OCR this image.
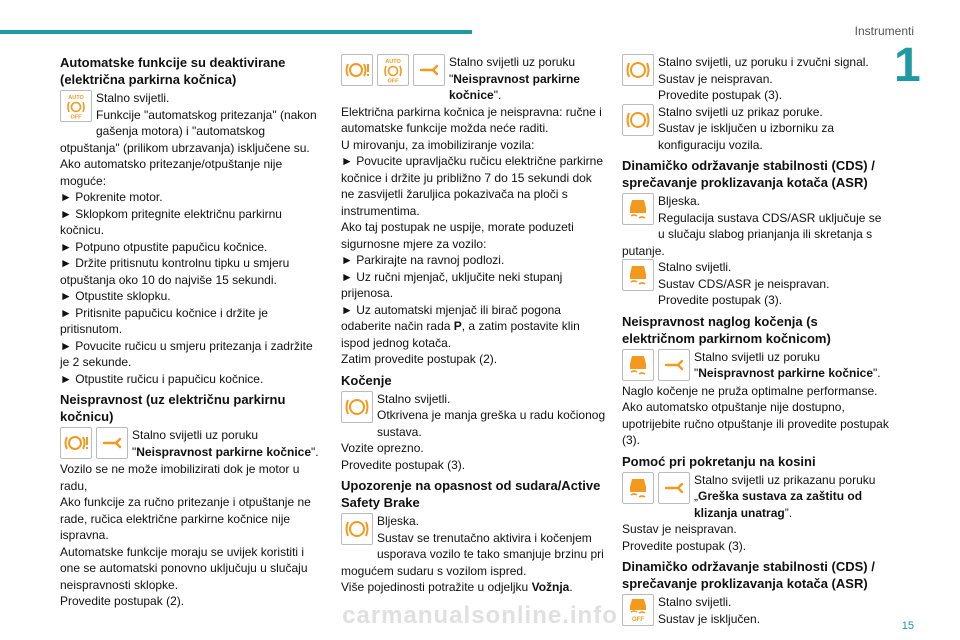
Instrumenti
1
Automatske funkcije su deaktivirane (električna parkirna kočnica)

Stalno svijetli.

Funkcije "automatskog pritezanja" (nakon gašenja motora) i "automatskog otpuštanja" (prilikom ubrzavanja) isključene su.

Ako automatsko pritezanje/otpuštanje nije moguće:

► Pokrenite motor.

► Sklopkom pritegnite električnu parkirnu kočnicu.

► Potpuno otpustite papučicu kočnice.

► Držite pritisnutu kontrolnu tipku u smjeru otpuštanja oko 10 do najviše 15 sekundi.

► Otpustite sklopku.

► Pritisnite papučicu kočnice i držite je pritisnutom.

► Povucite ručicu u smjeru pritezanja i zadržite je 2 sekunde.

► Otpustite ručicu i papučicu kočnice.

Neispravnost (uz električnu parkirnu kočnicu)

Stalno svijetli uz poruku "Neispravnost parkirne kočnice".

Vozilo se ne može imobilizirati dok je motor u radu,

Ako funkcije za ručno pritezanje i otpuštanje ne rade, ručica električne parkirne kočnice nije ispravna.

Automatske funkcije moraju se uvijek koristiti i one se automatski ponovno uključuju u slučaju neispravnosti sklopke.

Provedite postupak (2).

Stalno svijetli uz poruku "Neispravnost parkirne kočnice".

Električna parkirna kočnica je neispravna: ručne i automatske funkcije možda neće raditi.

U mirovanju, za imobiliziranje vozila:

► Povucite upravljačku ručicu električne parkirne kočnice i držite ju približno 7 do 15 sekundi dok ne zasvijetli žaruljica pokazivača na ploči s instrumentima.

Ako taj postupak ne uspije, morate poduzeti sigurnosne mjere za vozilo:

► Parkirajte na ravnoj podlozi.

► Uz ručni mjenjač, uključite neki stupanj prijenosa.

► Uz automatski mjenjač ili birač pogona odaberite način rada P, a zatim postavite klin ispod jednog kotača.

Zatim provedite postupak (2).

Kočenje

Stalno svijetli.

Otkrivena je manja greška u radu kočionog sustava.

Vozite oprezno.

Provedite postupak (3).

Upozorenje na opasnost od sudara/Active Safety Brake

Bljeska.

Sustav se trenutačno aktivira i kočenjem usporava vozilo te tako smanjuje brzinu pri mogućem sudaru s vozilom ispred.

Više pojedinosti potražite u odjeljku Vožnja.

Stalno svijetli, uz poruku i zvučni signal.

Sustav je neispravan.

Provedite postupak (3).

Stalno svijetli uz prikaz poruke.

Sustav je isključen u izborniku za konfiguraciju vozila.

Dinamičko održavanje stabilnosti (CDS) / sprečavanje proklizavanja kotača (ASR)

Bljeska.

Regulacija sustava CDS/ASR uključuje se u slučaju slabog prianjanja ili skretanja s putanje.

Stalno svijetli.

Sustav CDS/ASR je neispravan.

Provedite postupak (3).

Neispravnost naglog kočenja (s električnom parkirnom kočnicom)

Stalno svijetli uz poruku "Neispravnost parkirne kočnice".

Naglo kočenje ne pruža optimalne performanse.

Ako automatsko otpuštanje nije dostupno, upotrijebite ručno otpuštanje ili provedite postupak (3).

Pomoć pri pokretanju na kosini

Stalno svijetli uz prikazanu poruku „Greška sustava za zaštitu od klizanja unatrag”.

Sustav je neispravan.

Provedite postupak (3).

Dinamičko održavanje stabilnosti (CDS) / sprečavanje proklizavanja kotača (ASR)

Stalno svijetli.

Sustav je isključen.

carmanualsonline.info	15
